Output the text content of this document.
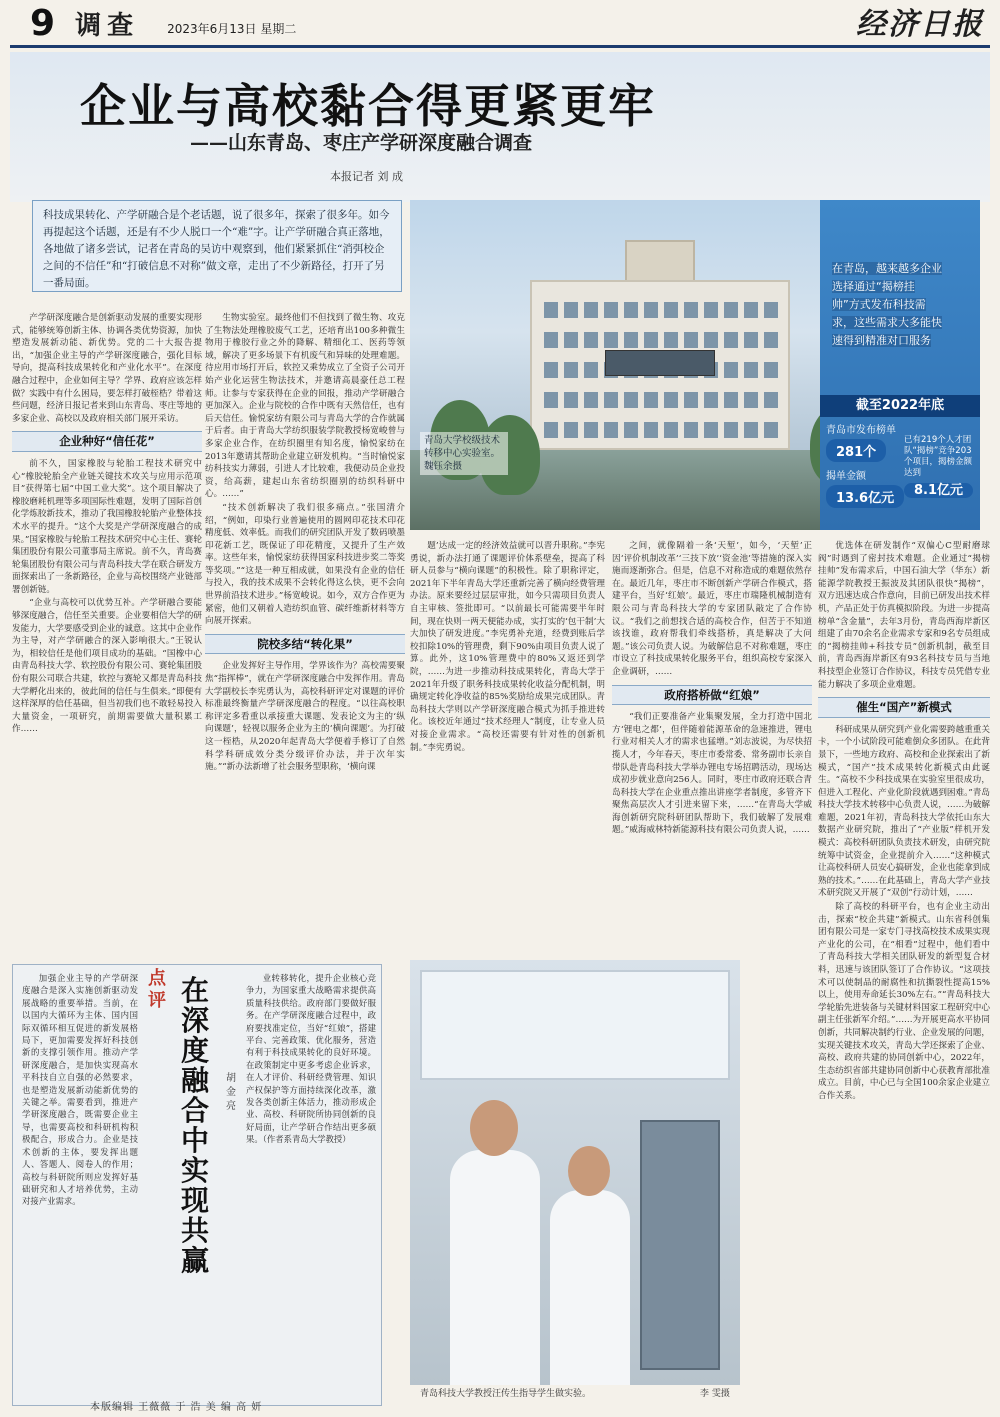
9 调查 2023年6月13日 星期二	经济日报
企业与高校黏合得更紧更牢
——山东青岛、枣庄产学研深度融合调查
本报记者 刘 成
科技成果转化、产学研融合是个老话题，说了很多年，探索了很多年。如今再提起这个话题，还是有不少人脱口一个“难”字。让产学研融合真正落地，各地做了诸多尝试，记者在青岛的吴访中观察到，他们紧紧抓住“消弭校企之间的不信任”和“打破信息不对称”做文章，走出了不少新路径，打开了另一番局面。
青岛大学校级技术转移中心实验室。 魏钰余摄
在青岛，越来越多企业选择通过“揭榜挂帅”方式发布科技需求，这些需求大多能快速得到精准对口服务
截至2022年底
青岛市发布榜单
281个
揭单金额
13.6亿元
已有219个人才团队“揭榜”竞争203个项目，揭榜金额达到
8.1亿元

产学研深度融合是创新驱动发展的重要实现形式，能够统筹创新主体、协调各类优势资源，加快塑造发展新动能、新优势。党的二十大报告提出，“加强企业主导的产学研深度融合，强化目标导向，提高科技成果转化和产业化水平”。在深度融合过程中，企业如何主导？学界、政府应该怎样做？实践中有什么困局，要怎样打破桎梏？带着这些问题，经济日报记者来到山东青岛、枣庄等地的多家企业、高校以及政府相关部门展开采访。

企业种好“信任花”

前不久，国家橡胶与轮胎工程技术研究中心“橡胶轮胎全产业链关键技术攻关与应用示范项目”获得第七届“中国工业大奖”。这个项目解决了橡胶磨耗机理等多项国际性难题，发明了国际首创化学炼胶新技术，推动了我国橡胶轮胎产业整体技术水平的提升。“这个大奖是产学研深度融合的成果。”国家橡胶与轮胎工程技术研究中心主任、赛轮集团股份有限公司董事局主席说。前不久，青岛赛轮集团股份有限公司与青岛科技大学在联合研发方面探索出了一条新路径，企业与高校围绕产业链部署创新链。

“企业与高校可以优势互补。产学研融合要能够深度融合，信任至关重要。企业要相信大学的研发能力，大学要感受到企业的诚意。这其中企业作为主导，对产学研融合的深入影响很大。”王锐认为，相较信任是他们项目成功的基础。“国橡中心由青岛科技大学、软控股份有限公司、赛轮集团股份有限公司联合共建，软控与赛轮又都是青岛科技大学孵化出来的，彼此间的信任与生俱来。”即便有这样深厚的信任基础，但当初我们也不敢轻易投入大量资金，一项研究，前期需要做大量积累工作……

生物实验室。最终他们不但找到了微生物、攻克了生物法处理橡胶废气工艺，还培育出100多种微生物用于橡胶行业之外的降解、精细化工、医药等领域，解决了更多场景下有机废气和异味的处理难题。待应用市场打开后，软控又乘势成立了全资子公司开始产业化运营生物法技术，并邀请高晨豪任总工程师。让参与专家获得在企业的回报，推动产学研融合更加深入。企业与院校的合作中既有天然信任，也有后天信任。愉悦家纺有限公司与青岛大学的合作就属于后者。由于青岛大学纺织服装学院教授杨宽峻曾与多家企业合作，在纺织圈里有知名度，愉悦家纺在2013年邀请其帮助企业建立研发机构。“当时愉悦家纺科技实力薄弱，引进人才比较难，我便动员企业投资，给高薪，建起山东省纺织圈别的纺织科研中心。……”

“技术创新解决了我们很多痛点。”张国清介绍，“例如，印染行业普遍使用的圆网印花技术印花精度低、效率低。而我们的研究团队开发了数码喷墨印花新工艺，既保证了印花精度，又提升了生产效率。这些年来，愉悦家纺获得国家科技进步奖二等奖等奖项。”“这是一种互相成就，如果没有企业的信任与投入，我的技术成果不会转化得这么快，更不会向世界前沿技术进步。”杨宽峻说。如今，双方合作更为紧密，他们又朝着人造纺织血管、碳纤维新材料等方向展开探索。

院校多结“转化果”

企业发挥好主导作用，学界该作为？高校需要聚焦“指挥棒”，就在产学研深度融合中发挥作用。青岛大学副校长李宪勇认为，高校科研评定对课题的评价标准最终衡量产学研深度融合的程度。“以往高校职称评定多看重以承接重大课题、发表论文为主的‘纵向课题’，轻视以服务企业为主的‘横向课题’。为打破这一桎梏，从2020年起青岛大学便着手修订了自然科学科研成效分类分级评价办法，并于次年实施。”“新办法新增了社会服务型职称，‘横向课

题’达成一定的经济效益就可以晋升职称。”李宪勇说，新办法打通了课题评价体系壁垒，提高了科研人员参与“横向课题”的积极性。除了职称评定，2021年下半年青岛大学还重新完善了横向经费管理办法。原来要经过层层审批，如今只需项目负责人自主审核、签批即可。“以前最长可能需要半年时间，现在快则一两天便能办成，实打实的‘包干制’大大加快了研发进度。”李宪勇补充道，经费到账后学校扣除10%的管理费，剩下90%由项目负责人说了算。此外，这10%管理费中的80%又返还到学院，……为进一步推动科技成果转化，青岛大学于2021年升级了职务科技成果转化收益分配机制，明确规定转化净收益的85%奖励给成果完成团队。青岛科技大学则以产学研深度融合模式为抓手推进转化。该校近年通过“技术经理人”制度，让专业人员对接企业需求。“高校还需要有针对性的创新机制。”李宪勇说。

之间，就像隔着一条‘天堑’，如今，‘天堑’正因‘评价机制改革’‘三技下放’‘资金池’等措施的深入实施而逐渐弥合。但是，信息不对称造成的难题依然存在。最近几年，枣庄市不断创新产学研合作模式，搭建平台，当好‘红娘’。最近，枣庄市瑞隆机械制造有限公司与青岛科技大学的专家团队敲定了合作协议。“我们之前想找合适的高校合作，但苦于不知道该找谁，政府帮我们牵线搭桥，真是解决了大问题。”该公司负责人说。为破解信息不对称难题，枣庄市设立了科技成果转化服务平台，组织高校专家深入企业调研，……

政府搭桥做“红娘”

“我们正要准备产业集聚发展，全力打造中国北方‘锂电之都’，但伴随着能源革命的急速推进，锂电行业对相关人才的需求也猛增。”刘志波说，为尽快招揽人才，今年春天，枣庄市委常委、常务副市长亲自带队赴青岛科技大学举办锂电专场招聘活动，现场达成初步就业意向256人。同时，枣庄市政府还联合青岛科技大学在企业重点推出讲座学者制度，多管齐下聚焦高层次人才引进来留下来，……“在青岛大学威海创新研究院科研团队帮助下，我们破解了发展难题。”威海威林特新能源科技有限公司负责人说，……

优选体在研发制作“双偏心C型耐磨球阀”时遇到了密封技术难题。企业通过“揭榜挂帅”发布需求后，中国石油大学（华东）新能源学院教授王振波及其团队很快“揭榜”，双方迅速达成合作意向，目前已研发出技术样机，产品正处于仿真模拟阶段。为进一步提高榜单“含金量”，去年3月份，青岛西海岸新区组建了由70余名企业需求专家和9名专员组成的“揭榜挂帅+科技专员”创新机制，截至目前，青岛西海岸新区有93名科技专员与当地科技型企业签订合作协议，科技专员凭借专业能力解决了多项企业难题。

催生“国产”新模式

科研成果从研究到产业化需要跨越重重关卡，一个小试阶段可能难倒众多团队。在此背景下，一些地方政府、高校和企业探索出了新模式，“国产”技术成果转化新模式由此诞生。“高校不少科技成果在实验室里很成功，但进入工程化、产业化阶段就遇到困难。”青岛科技大学技术转移中心负责人说，……为破解难题，2021年初，青岛科技大学依托山东大数据产业研究院，推出了“产业版”样机开发模式：高校科研团队负责技术研发，由研究院统筹中试资金，企业提前介入……“这种模式让高校科研人员安心搞研发，企业也能拿到成熟的技术。”……在此基础上，青岛大学产业技术研究院又开展了“双创”行动计划，……

除了高校的科研平台，也有企业主动出击，探索“校企共建”新模式。山东省科创集团有限公司是一家专门寻找高校技术成果实现产业化的公司，在“相看”过程中，他们看中了青岛科技大学相关团队研发的新型复合材料，迅速与该团队签订了合作协议。“这项技术可以使制品的耐腐性和抗撕裂性提高15%以上，使用寿命延长30%左右。”“青岛科技大学轮胎先进装备与关键材料国家工程研究中心副主任张新军介绍。”……为开展更高水平协同创新，共同解决制约行业、企业发展的问题，实现关键技术攻关，青岛大学还探索了企业、高校、政府共建的协同创新中心，2022年，生态纺织省部共建协同创新中心获教育部批准成立。目前，中心已与全国100余家企业建立合作关系。

点评 在深度融合中实现共赢
胡金亮

加强企业主导的产学研深度融合是深入实施创新驱动发展战略的重要举措。当前，在以国内大循环为主体、国内国际双循环相互促进的新发展格局下，更加需要发挥好科技创新的支撑引领作用。推动产学研深度融合，是加快实现高水平科技自立自强的必然要求，也是塑造发展新动能新优势的关键之举。需要看到，推进产学研深度融合，既需要企业主导，也需要高校和科研机构积极配合，形成合力。企业是技术创新的主体，要发挥出题人、答题人、阅卷人的作用；高校与科研院所则应发挥好基础研究和人才培养优势，主动对接产业需求。

业转移转化，提升企业核心竞争力，为国家重大战略需求提供高质量科技供给。政府部门要做好服务。在产学研深度融合过程中，政府要找准定位，当好“红娘”，搭建平台、完善政策、优化服务，营造有利于科技成果转化的良好环境。在政策制定中更多考虑企业诉求，在人才评价、科研经费管理、知识产权保护等方面持续深化改革，激发各类创新主体活力，推动形成企业、高校、科研院所协同创新的良好局面，让产学研合作结出更多硕果。（作者系青岛大学教授）

青岛科技大学教授汪传生指导学生做实验。	李 雯摄
本版编辑 王薇薇 于 浩 美 编 高 妍
